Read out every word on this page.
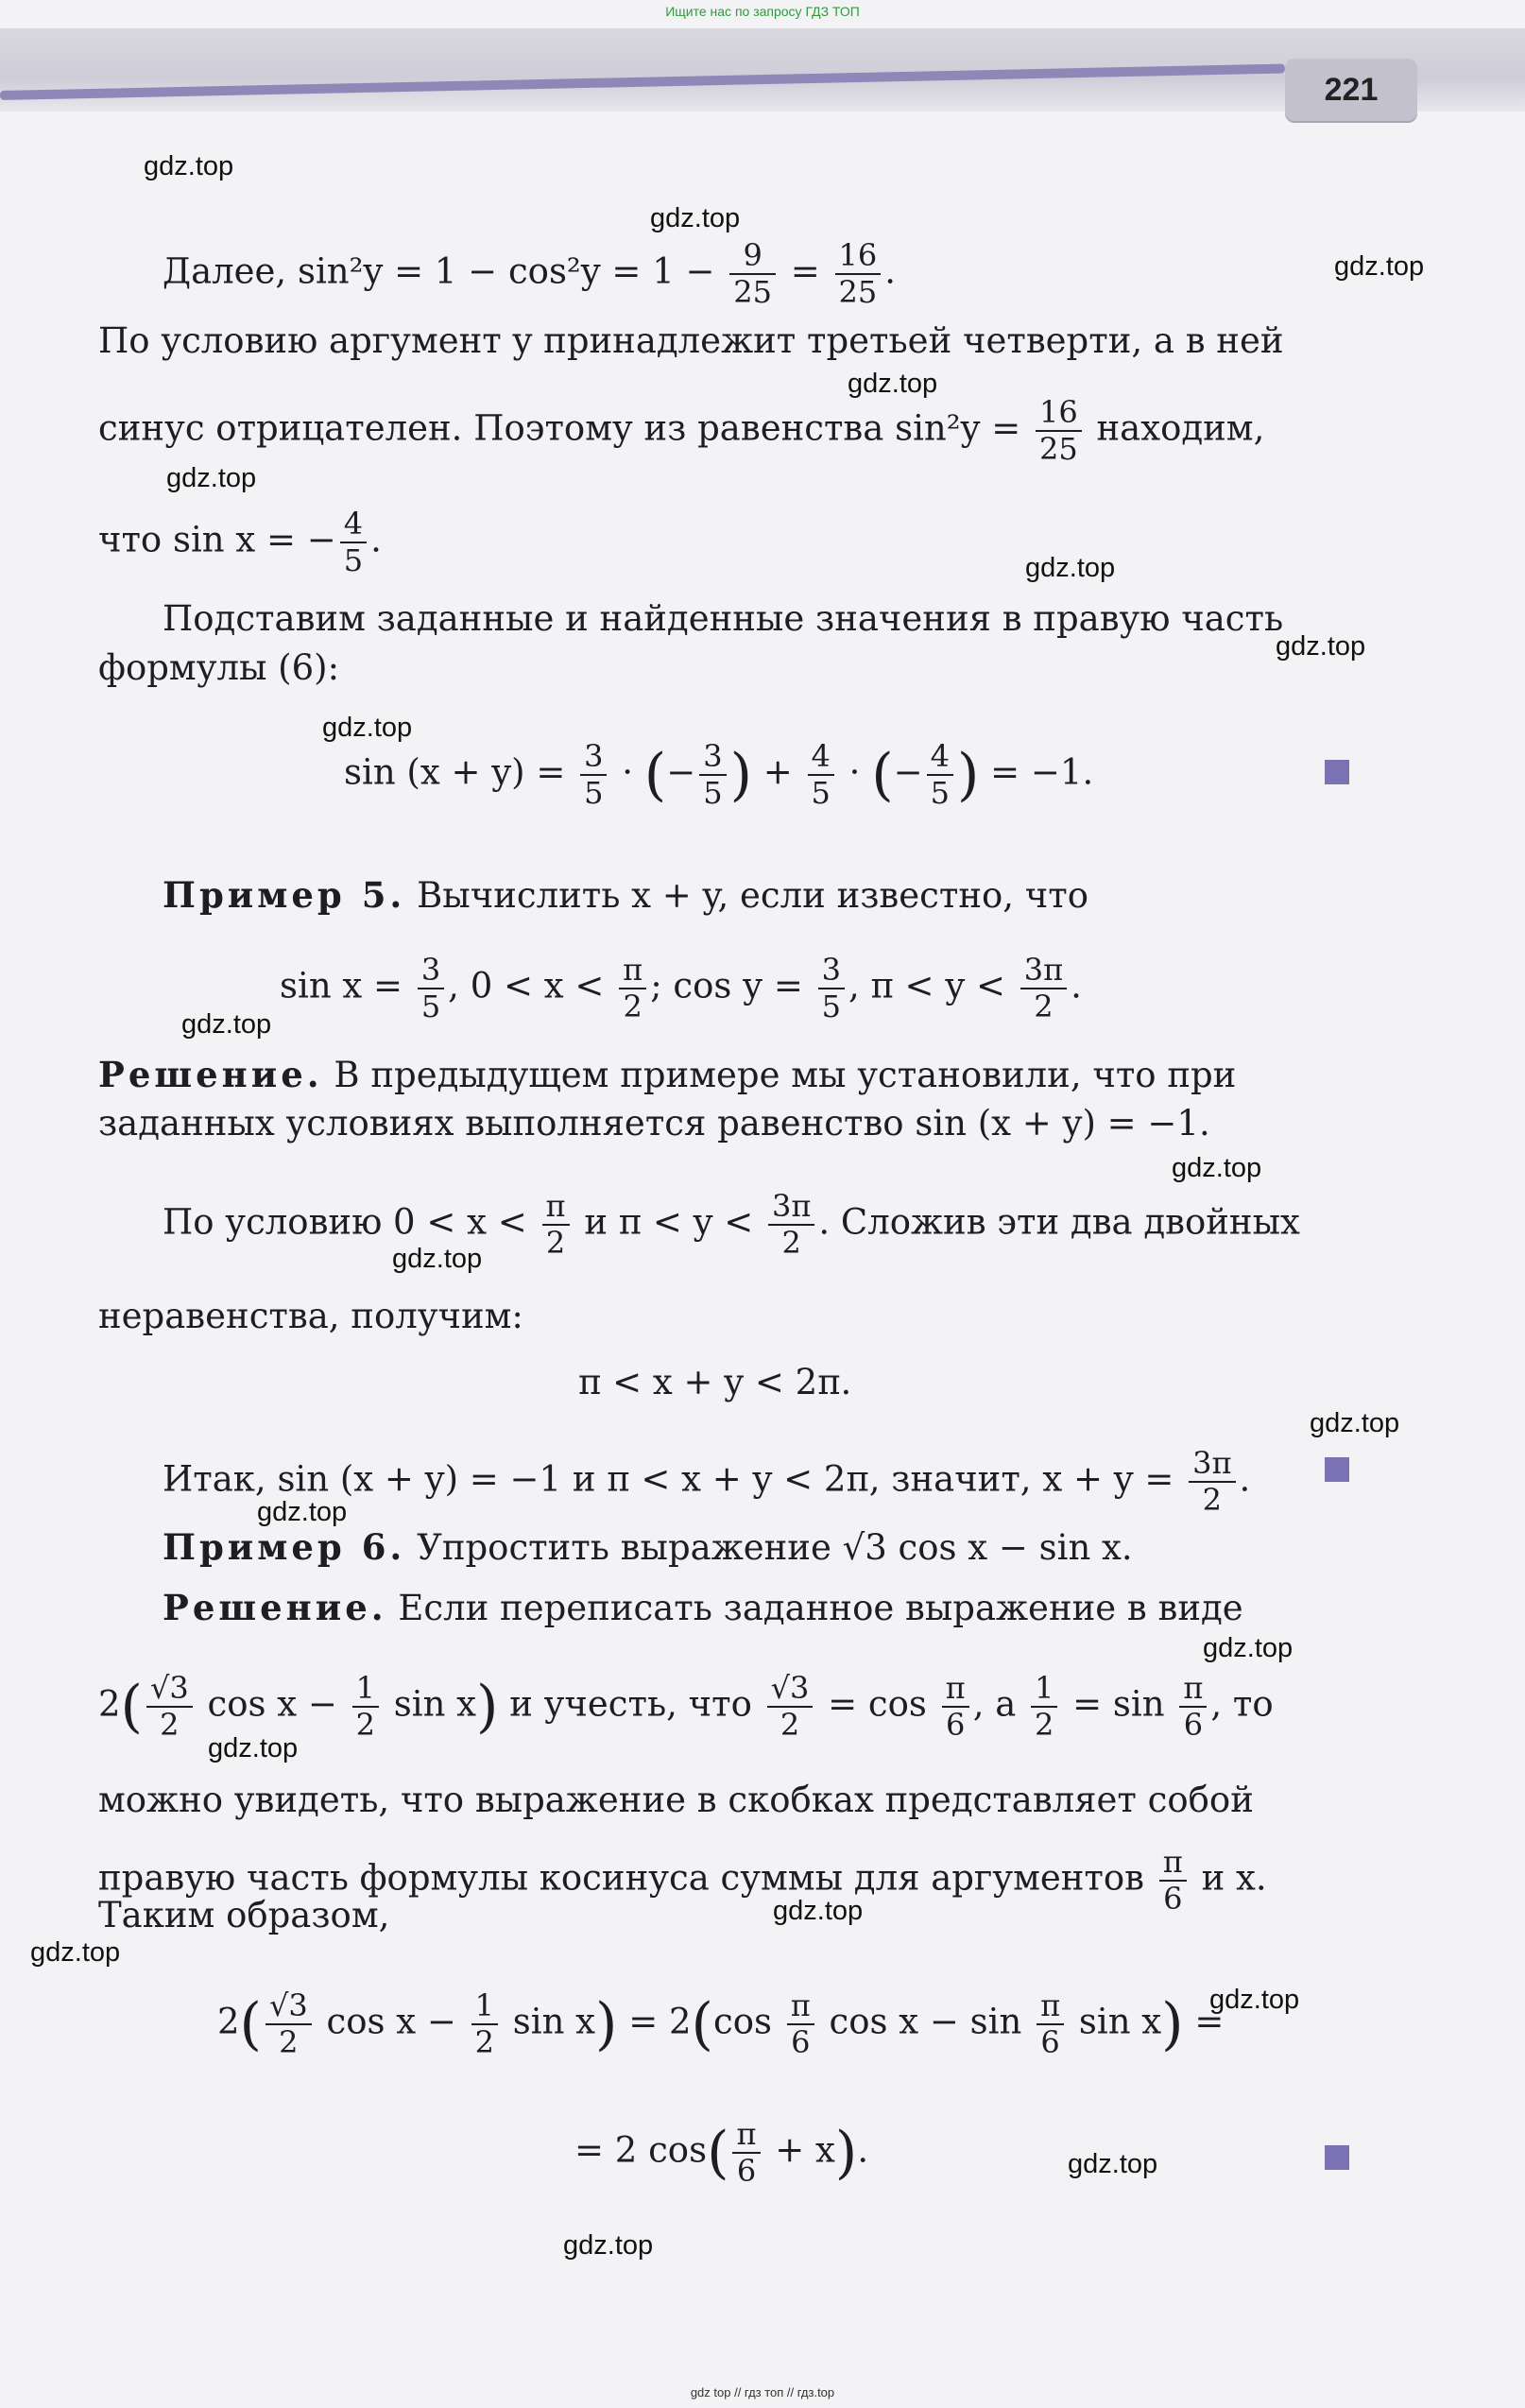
Ищите нас по запросу ГДЗ ТОП
221
gdz.top
gdz.top
gdz.top
gdz.top
gdz.top
gdz.top
gdz.top
gdz.top
gdz.top
gdz.top
gdz.top
gdz.top
gdz.top
gdz.top
gdz.top
gdz.top
gdz.top
gdz.top
gdz.top
gdz.top
Далее, $\sin^2y = 1 - \cos^2y = 1 - \frac{9}{25} = \frac{16}{25}$ .
По условию аргумент y принадлежит третьей четверти, а в ней
синус отрицателен. Поэтому из равенства $\sin^2y = \frac{16}{25}$ находим,
что sin x = − $\frac{4}{5}$ .
Подставим заданные и найденные значения в правую часть
формулы (6):
$\sin (x + y) = \frac{3}{5}$ · (− $\frac{3}{5}$ ) + $\frac{4}{5}$ · (− $\frac{4}{5}$ ) = −1.
Пример 5. Вычислить x + y, если известно, что
$\sin x = \frac{3}{5}$ , $0 < x < \frac{\pi}{2}$ ; $\cos y = \frac{3}{5}$ , $\pi < y < \frac{3\pi}{2}$ .
Решение. В предыдущем примере мы установили, что при
заданных условиях выполняется равенство sin (x + y) = −1.
По условию $0 < x < \frac{\pi}{2}$ и $\pi < y < \frac{3\pi}{2}$ . Сложив эти два двойных
неравенства, получим:
π < x + y < 2π.
Итак, sin (x + y) = −1 и π < x + y < 2π, значит, $x + y = \frac{3\pi}{2}$ .
Пример 6. Упростить выражение √3 cos x − sin x.
Решение. Если переписать заданное выражение в виде
$2( \frac{√3}{2}$ $\cos x - \frac{1}{2}$ sin x) и учесть, что $\frac{√3}{2} = \cos \frac{\pi}{6}$ , а $\frac{1}{2} = \sin \frac{\pi}{6}$ , то
можно увидеть, что выражение в скобках представляет собой
правую часть формулы косинуса суммы для аргументов $\frac{\pi}{6}$ и x.
Таким образом,
$2( \frac{√3}{2}$ $\cos x - \frac{1}{2}$ $\sin x) = 2(\cos \frac{\pi}{6}$ $\cos x - \sin \frac{\pi}{6}$ sin x) =
= 2 $\cos( \frac{\pi}{6} + x)$.
gdz top // гдз топ // гдз.top
